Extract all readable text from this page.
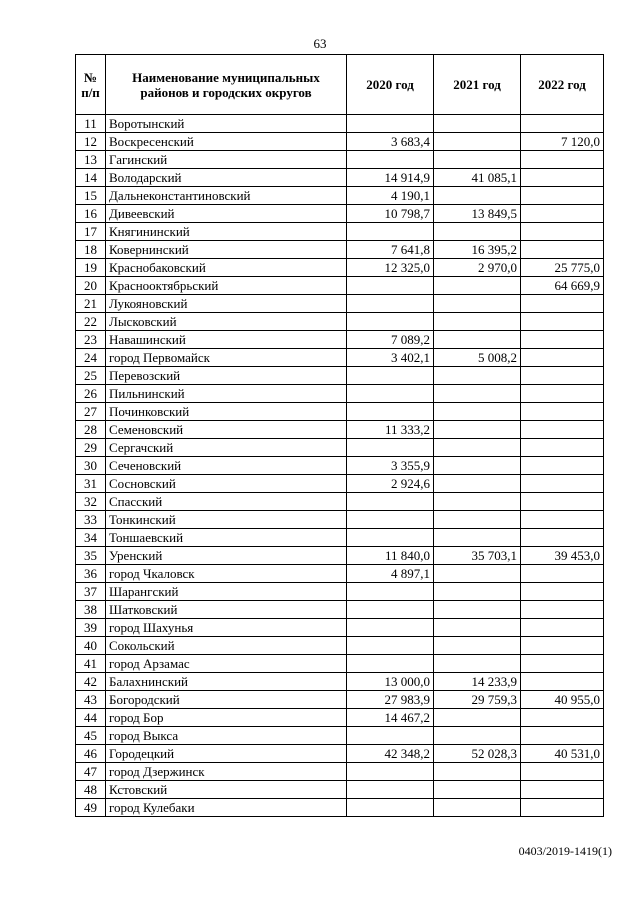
63
№ п/п	Наименование муниципальных районов и городских округов	2020 год	2021 год	2022 год
11	Воротынский			
12	Воскресенский	3 683,4		7 120,0
13	Гагинский			
14	Володарский	14 914,9	41 085,1	
15	Дальнеконстантиновский	4 190,1		
16	Дивеевский	10 798,7	13 849,5	
17	Княгининский			
18	Ковернинский	7 641,8	16 395,2	
19	Краснобаковский	12 325,0	2 970,0	25 775,0
20	Краснооктябрьский			64 669,9
21	Лукояновский			
22	Лысковский			
23	Навашинский	7 089,2		
24	город Первомайск	3 402,1	5 008,2	
25	Перевозский			
26	Пильнинский			
27	Починковский			
28	Семеновский	11 333,2		
29	Сергачский			
30	Сеченовский	3 355,9		
31	Сосновский	2 924,6		
32	Спасский			
33	Тонкинский			
34	Тоншаевский			
35	Уренский	11 840,0	35 703,1	39 453,0
36	город Чкаловск	4 897,1		
37	Шарангский			
38	Шатковский			
39	город Шахунья			
40	Сокольский			
41	город Арзамас			
42	Балахнинский	13 000,0	14 233,9	
43	Богородский	27 983,9	29 759,3	40 955,0
44	город Бор	14 467,2		
45	город Выкса			
46	Городецкий	42 348,2	52 028,3	40 531,0
47	город Дзержинск			
48	Кстовский			
49	город Кулебаки			
0403/2019-1419(1)
